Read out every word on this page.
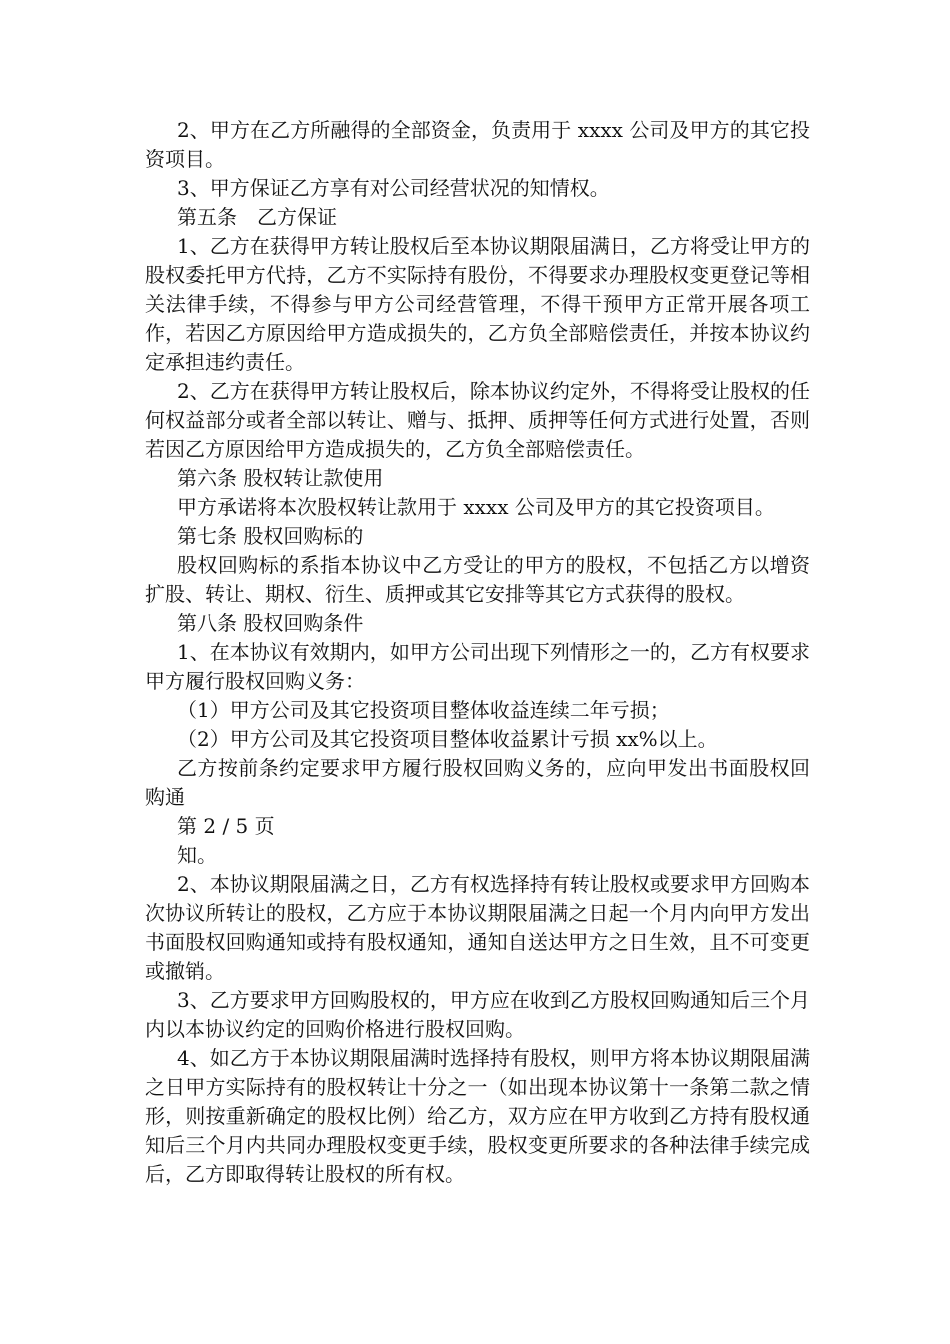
2、甲方在乙方所融得的全部资金，负责用于 xxxx 公司及甲方的其它投资项目。

3、甲方保证乙方享有对公司经营状况的知情权。

第五条　乙方保证

1、乙方在获得甲方转让股权后至本协议期限届满日，乙方将受让甲方的股权委托甲方代持，乙方不实际持有股份，不得要求办理股权变更登记等相关法律手续，不得参与甲方公司经营管理，不得干预甲方正常开展各项工作，若因乙方原因给甲方造成损失的，乙方负全部赔偿责任，并按本协议约定承担违约责任。

2、乙方在获得甲方转让股权后，除本协议约定外，不得将受让股权的任何权益部分或者全部以转让、赠与、抵押、质押等任何方式进行处置，否则若因乙方原因给甲方造成损失的，乙方负全部赔偿责任。

第六条 股权转让款使用

甲方承诺将本次股权转让款用于 xxxx 公司及甲方的其它投资项目。

第七条 股权回购标的

股权回购标的系指本协议中乙方受让的甲方的股权，不包括乙方以增资扩股、转让、期权、衍生、质押或其它安排等其它方式获得的股权。

第八条 股权回购条件

1、在本协议有效期内，如甲方公司出现下列情形之一的，乙方有权要求甲方履行股权回购义务：

（1）甲方公司及其它投资项目整体收益连续二年亏损；

（2）甲方公司及其它投资项目整体收益累计亏损 xx%以上。

乙方按前条约定要求甲方履行股权回购义务的，应向甲发出书面股权回购通

第 2 / 5 页

知。

2、本协议期限届满之日，乙方有权选择持有转让股权或要求甲方回购本次协议所转让的股权，乙方应于本协议期限届满之日起一个月内向甲方发出书面股权回购通知或持有股权通知，通知自送达甲方之日生效，且不可变更或撤销。

3、乙方要求甲方回购股权的，甲方应在收到乙方股权回购通知后三个月内以本协议约定的回购价格进行股权回购。

4、如乙方于本协议期限届满时选择持有股权，则甲方将本协议期限届满之日甲方实际持有的股权转让十分之一（如出现本协议第十一条第二款之情形，则按重新确定的股权比例）给乙方，双方应在甲方收到乙方持有股权通知后三个月内共同办理股权变更手续，股权变更所要求的各种法律手续完成后，乙方即取得转让股权的所有权。
